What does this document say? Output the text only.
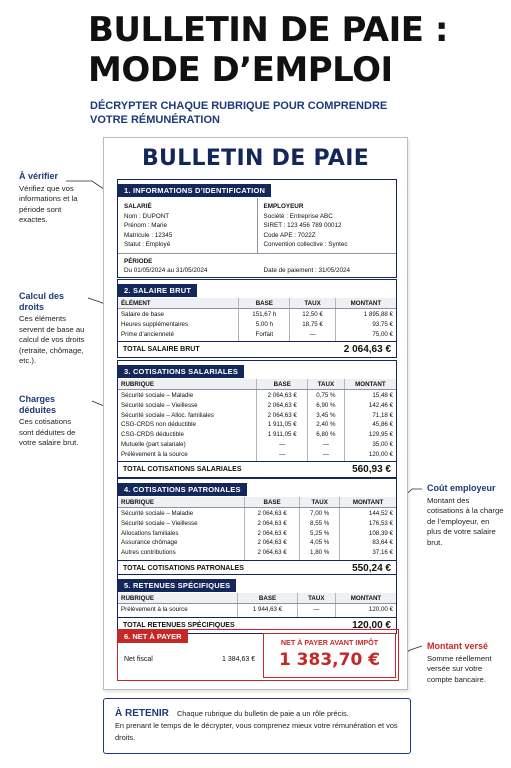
BULLETIN DE PAIE :
MODE D’EMPLOI
DÉCRYPTER CHAQUE RUBRIQUE POUR COMPRENDRE VOTRE RÉMUNÉRATION
À vérifier
Vérifiez que vos informations et la période sont exactes.
Calcul des droits
Ces éléments servent de base au calcul de vos droits (retraite, chômage, etc.).
Charges déduites
Ces cotisations sont déduites de votre salaire brut.
Coût employeur
Montant des cotisations à la charge de l’employeur, en plus de votre salaire brut.
Montant versé
Somme réellement versée sur votre compte bancaire.
BULLETIN DE PAIE
1. INFORMATIONS D’IDENTIFICATION
SALARIÉ
Nom : DUPONT
Prénom : Marie
Matricule : 12345
Statut : Employé
EMPLOYEUR
Société : Entreprise ABC
SIRET : 123 456 789 00012
Code APE : 7022Z
Convention collective : Syntec
PÉRIODE
Du 01/05/2024 au 31/05/2024	Date de paiement : 31/05/2024
2. SALAIRE BRUT
ÉLÉMENT	BASE	TAUX	MONTANT
Salaire de base	151,67 h	12,50 €	1 895,88 €
Heures supplémentaires	5,00 h	18,75 €	93,75 €
Prime d’ancienneté	Forfait	—	75,00 €
TOTAL SALAIRE BRUT	2 064,63 €
3. COTISATIONS SALARIALES
RUBRIQUE	BASE	TAUX	MONTANT
Sécurité sociale – Maladie	2 064,63 €	0,75 %	15,48 €
Sécurité sociale – Vieillesse	2 064,63 €	6,90 %	142,46 €
Sécurité sociale – Alloc. familiales	2 064,63 €	3,45 %	71,18 €
CSG-CRDS non déductible	1 911,05 €	2,40 %	45,86 €
CSG-CRDS déductible	1 911,05 €	6,80 %	129,95 €
Mutuelle (part salariale)	—	—	35,00 €
Prélèvement à la source	—	—	120,00 €
TOTAL COTISATIONS SALARIALES	560,93 €
4. COTISATIONS PATRONALES
RUBRIQUE	BASE	TAUX	MONTANT
Sécurité sociale – Maladie	2 064,63 €	7,00 %	144,52 €
Sécurité sociale – Vieillesse	2 064,63 €	8,55 %	176,53 €
Allocations familiales	2 064,63 €	5,25 %	108,39 €
Assurance chômage	2 064,63 €	4,05 %	83,64 €
Autres contributions	2 064,63 €	1,80 %	37,16 €
TOTAL COTISATIONS PATRONALES	550,24 €
5. RETENUES SPÉCIFIQUES
RUBRIQUE	BASE	TAUX	MONTANT
Prélèvement à la source	1 944,63 €	—	120,00 €
TOTAL RETENUES SPÉCIFIQUES	120,00 €
6. NET À PAYER
Net fiscal	1 384,63 €
NET À PAYER AVANT IMPÔT
1 383,70 €
À RETENIR Chaque rubrique du bulletin de paie a un rôle précis.
En prenant le temps de le décrypter, vous comprenez mieux votre rémunération et vos droits.
